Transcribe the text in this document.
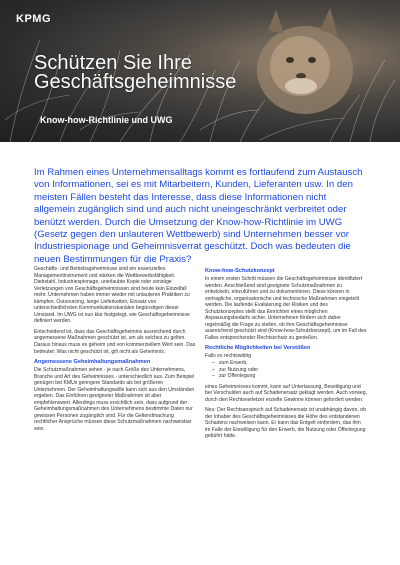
KPMG
Schützen Sie Ihre
Geschäftsgeheimnisse
Know-how-Richtlinie und UWG

Im Rahmen eines Unternehmensalltags kommt es fortlaufend zum Austausch von Informationen, sei es mit Mitarbeitern, Kunden, Lieferanten usw. In den meisten Fällen besteht das Interesse, dass diese Informationen nicht allgemein zugänglich sind und auch nicht uneingeschränkt verbreitet oder benützt werden. Durch die Umsetzung der Know-how-Richtlinie im UWG (Gesetz gegen den unlauteren Wettbewerb) sind Unternehmen besser vor Industriespionage und Geheimnisverrat geschützt. Doch was bedeuten die neuen Bestimmungen für die Praxis?

Geschäfts- und Betriebsgeheimnisse sind ein essenzielles Managementinstrument und stärken die Wettbewerbsfähigkeit. Diebstahl, Industriespionage, unerlaubte Kopie oder sonstige Verletzungen von Geschäftsgeheimnissen sind heute kein Einzelfall mehr. Unternehmen haben immer wieder mit unlauteren Praktiken zu kämpfen. Outsourcing, lange Lieferketten, Einsatz von unterschiedlichsten Kommunikationskanälen begünstigen dieser Umstand. Im UWG ist nun klar festgelegt, wie Geschäftsgeheimnisse definiert werden.

Entscheidend ist, dass das Geschäftsgeheimnis ausreichend durch angemessene Maßnahmen geschützt ist, um als solches zu gelten. Daraus hinaus muss es geheim und von kommerziellem Wert sein. Das bedeutet: Was nicht geschützt ist, gilt nicht als Geheimnis.

Angemessene Geheimhaltungsmaßnahmen

Die Schutzmaßnahmen sehen - je nach Größe des Unternehmens, Branche und Art des Geheimnisses - unterschiedlich aus. Zum Beispiel genügen bei KMUs geringere Standards als bei größeren Unternehmen. Der Geheimhaltungswille kann sich aus den Umständen ergeben. Das Einführen geeigneter Maßnahmen ist aber empfehlenswert. Allerdings muss ersichtlich sein, dass aufgrund der Geheimhaltungsmaßnahmen des Unternehmens bestimmte Daten nur gewissen Personen zugänglich sind. Für die Geltendmachung rechtlicher Ansprüche müssen diese Schutzmaßnahmen nachweisbar sein.

Know-how-Schutzkonzept

In einem ersten Schritt müssen die Geschäftsgeheimnisse identifiziert werden. Anschließend sind geeignete Schutzmaßnahmen zu entwickeln, einzuführen und zu dokumentieren. Diese können in vertragliche, organisatorische und technische Maßnahmen eingeteilt werden. Die laufende Evaluierung der Risiken und des Schutzkonzeptes stellt das Einrichten eines möglichen Anpassungsbedarfs sicher. Unternehmen fördern sich daher regelmäßig die Frage zu stellen, ob ihre Geschäftsgeheimnisse ausreichend geschützt sind (Know-how-Schutzkonzept), um im Fall des Falles entsprechender Rechtsschutz zu genießen.

Rechtliche Möglichkeiten bei Verstößen

Falls es rechtswidrig

– zum Erwerb,
– zur Nutzung oder
– zur Offenlegung

eines Geheimnisses kommt, kann auf Unterlassung, Beseitigung und bei Verschulden auch auf Schadenersatz geklagt werden. Auch vorweg, durch den Rechtsverletzer erzielte Gewinne können gefordert werden.

Neu: Der Rechtsanspruch auf Schadenersatz ist unabhängig davon, ob der Inhaber des Geschäftsgeheimnisses die Höhe des entstandenen Schadens nachweisen kann. Er kann das Entgelt einfordern, das ihm im Falle der Einwilligung für den Erwerb, die Nutzung oder Offenlegung gebührt hätte.
